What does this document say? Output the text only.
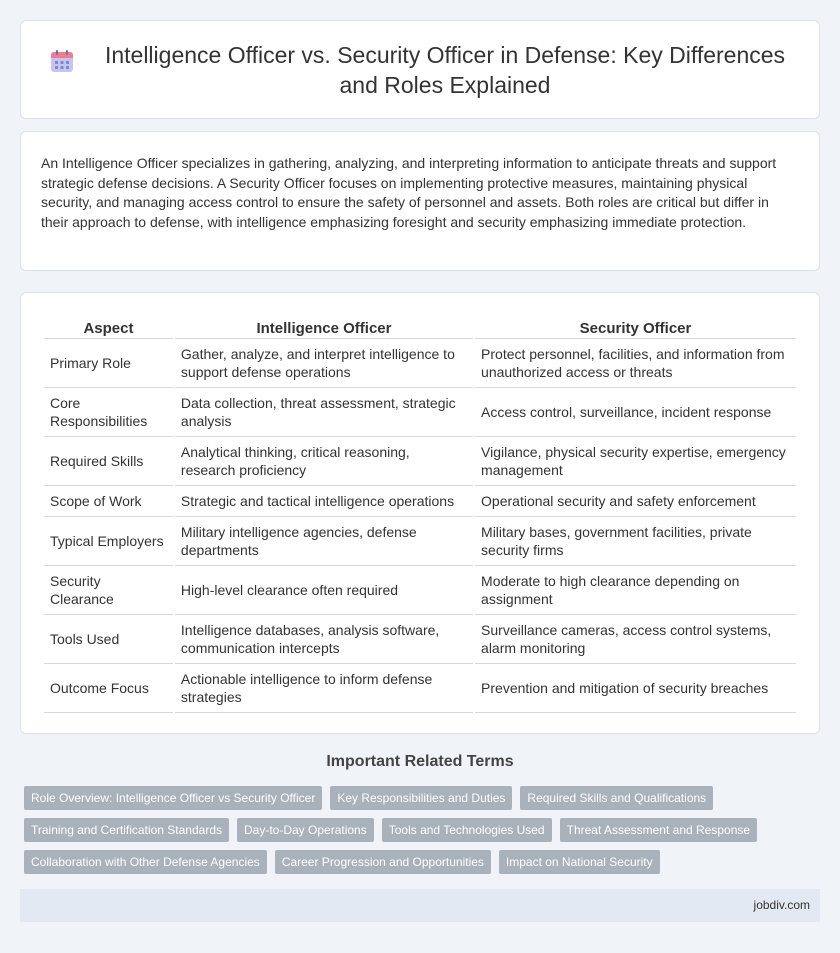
Intelligence Officer vs. Security Officer in Defense: Key Differences and Roles Explained

An Intelligence Officer specializes in gathering, analyzing, and interpreting information to anticipate threats and support strategic defense decisions. A Security Officer focuses on implementing protective measures, maintaining physical security, and managing access control to ensure the safety of personnel and assets. Both roles are critical but differ in their approach to defense, with intelligence emphasizing foresight and security emphasizing immediate protection.

Aspect	Intelligence Officer	Security Officer
Primary Role	Gather, analyze, and interpret intelligence to support defense operations	Protect personnel, facilities, and information from unauthorized access or threats
Core Responsibilities	Data collection, threat assessment, strategic analysis	Access control, surveillance, incident response
Required Skills	Analytical thinking, critical reasoning, research proficiency	Vigilance, physical security expertise, emergency management
Scope of Work	Strategic and tactical intelligence operations	Operational security and safety enforcement
Typical Employers	Military intelligence agencies, defense departments	Military bases, government facilities, private security firms
Security Clearance	High-level clearance often required	Moderate to high clearance depending on assignment
Tools Used	Intelligence databases, analysis software, communication intercepts	Surveillance cameras, access control systems, alarm monitoring
Outcome Focus	Actionable intelligence to inform defense strategies	Prevention and mitigation of security breaches
Important Related Terms
Role Overview: Intelligence Officer vs Security Officer	Key Responsibilities and Duties	Required Skills and Qualifications
Training and Certification Standards	Day-to-Day Operations	Tools and Technologies Used	Threat Assessment and Response
Collaboration with Other Defense Agencies	Career Progression and Opportunities	Impact on National Security
jobdiv.com
